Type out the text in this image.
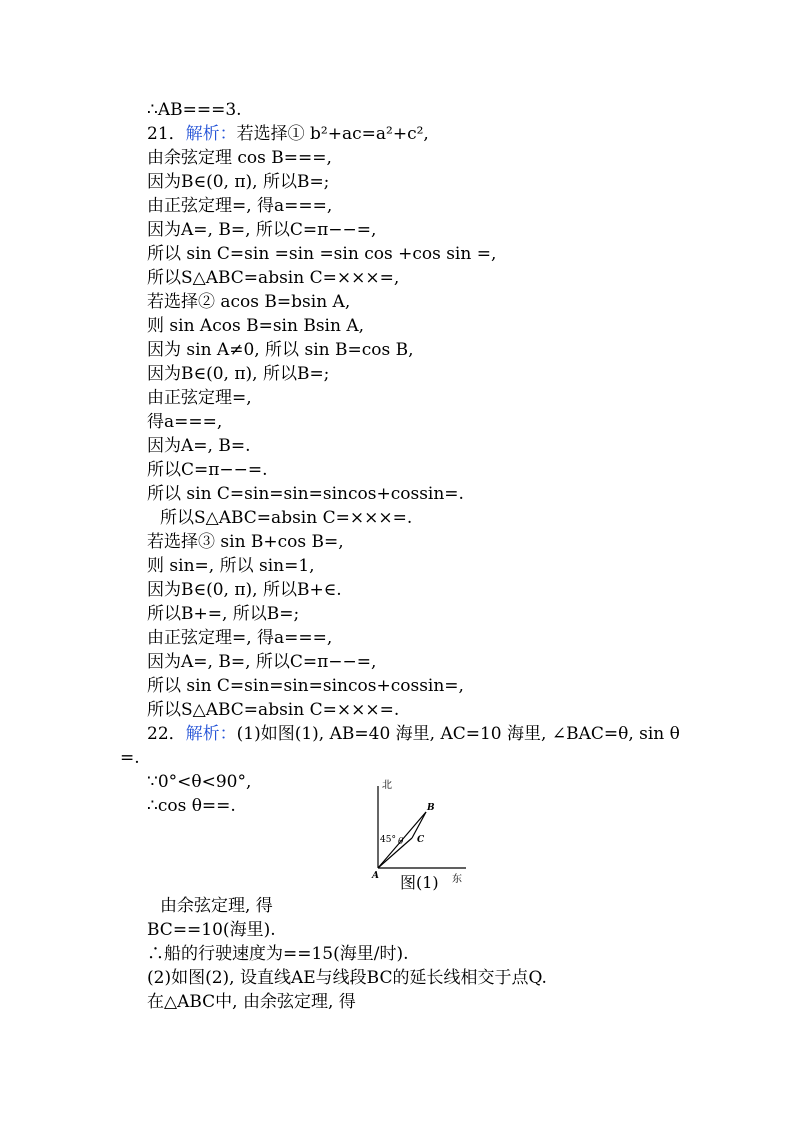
∴AB===3.
21．解析：若选择① b²+ac=a²+c²,
由余弦定理 cos B===,
因为B∈(0, π), 所以B=;
由正弦定理=, 得a===,
因为A=, B=, 所以C=π−−=,
所以 sin C=sin =sin =sin cos +cos sin =,
所以S△ABC=absin C=×××=,
若选择② acos B=bsin A,
则 sin Acos B=sin Bsin A,
因为 sin A≠0, 所以 sin B=cos B,
因为B∈(0, π), 所以B=;
由正弦定理=,
得a===,
因为A=, B=.
所以C=π−−=.
所以 sin C=sin=sin=sincos+cossin=.
所以S△ABC=absin C=×××=.
若选择③ sin B+cos B=,
则 sin=, 所以 sin=1,
因为B∈(0, π), 所以B+∈.
所以B+=, 所以B=;
由正弦定理=, 得a===,
因为A=, B=, 所以C=π−−=,
所以 sin C=sin=sin=sincos+cossin=,
所以S△ABC=absin C=×××=.
22．解析：(1)如图(1), AB=40 海里, AC=10 海里, ∠BAC=θ, sin θ
=.
∵0°<θ<90°,
∴cos θ==.
北
东
A
B
C
45° θ
图(1)
由余弦定理, 得
BC==10(海里).
∴船的行驶速度为==15(海里/时).
(2)如图(2), 设直线AE与线段BC的延长线相交于点Q.
在△ABC中, 由余弦定理, 得
